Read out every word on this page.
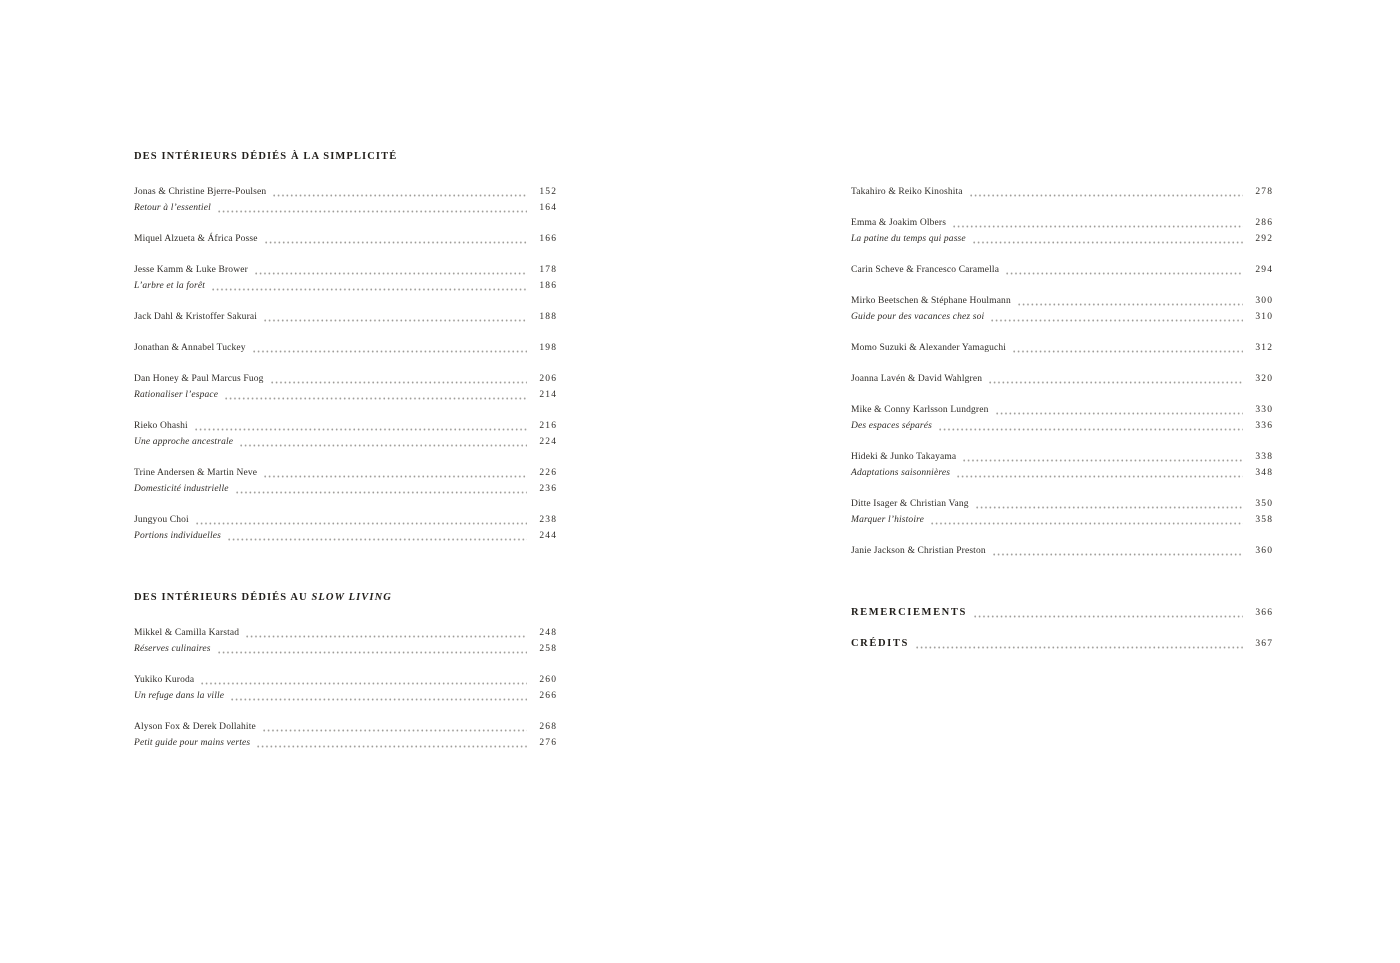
DES INTÉRIEURS DÉDIÉS À LA SIMPLICITÉ
Jonas & Christine Bjerre-Poulsen	152
Retour à l’essentiel	164
Miquel Alzueta & África Posse	166
Jesse Kamm & Luke Brower	178
L’arbre et la forêt	186
Jack Dahl & Kristoffer Sakurai	188
Jonathan & Annabel Tuckey	198
Dan Honey & Paul Marcus Fuog	206
Rationaliser l’espace	214
Rieko Ohashi	216
Une approche ancestrale	224
Trine Andersen & Martin Neve	226
Domesticité industrielle	236
Jungyou Choi	238
Portions individuelles	244
DES INTÉRIEURS DÉDIÉS AU SLOW LIVING
Mikkel & Camilla Karstad	248
Réserves culinaires	258
Yukiko Kuroda	260
Un refuge dans la ville	266
Alyson Fox & Derek Dollahite	268
Petit guide pour mains vertes	276
Takahiro & Reiko Kinoshita	278
Emma & Joakim Olbers	286
La patine du temps qui passe	292
Carin Scheve & Francesco Caramella	294
Mirko Beetschen & Stéphane Houlmann	300
Guide pour des vacances chez soi	310
Momo Suzuki & Alexander Yamaguchi	312
Joanna Lavén & David Wahlgren	320
Mike & Conny Karlsson Lundgren	330
Des espaces séparés	336
Hideki & Junko Takayama	338
Adaptations saisonnières	348
Ditte Isager & Christian Vang	350
Marquer l’histoire	358
Janie Jackson & Christian Preston	360
REMERCIEMENTS	366
CRÉDITS	367
